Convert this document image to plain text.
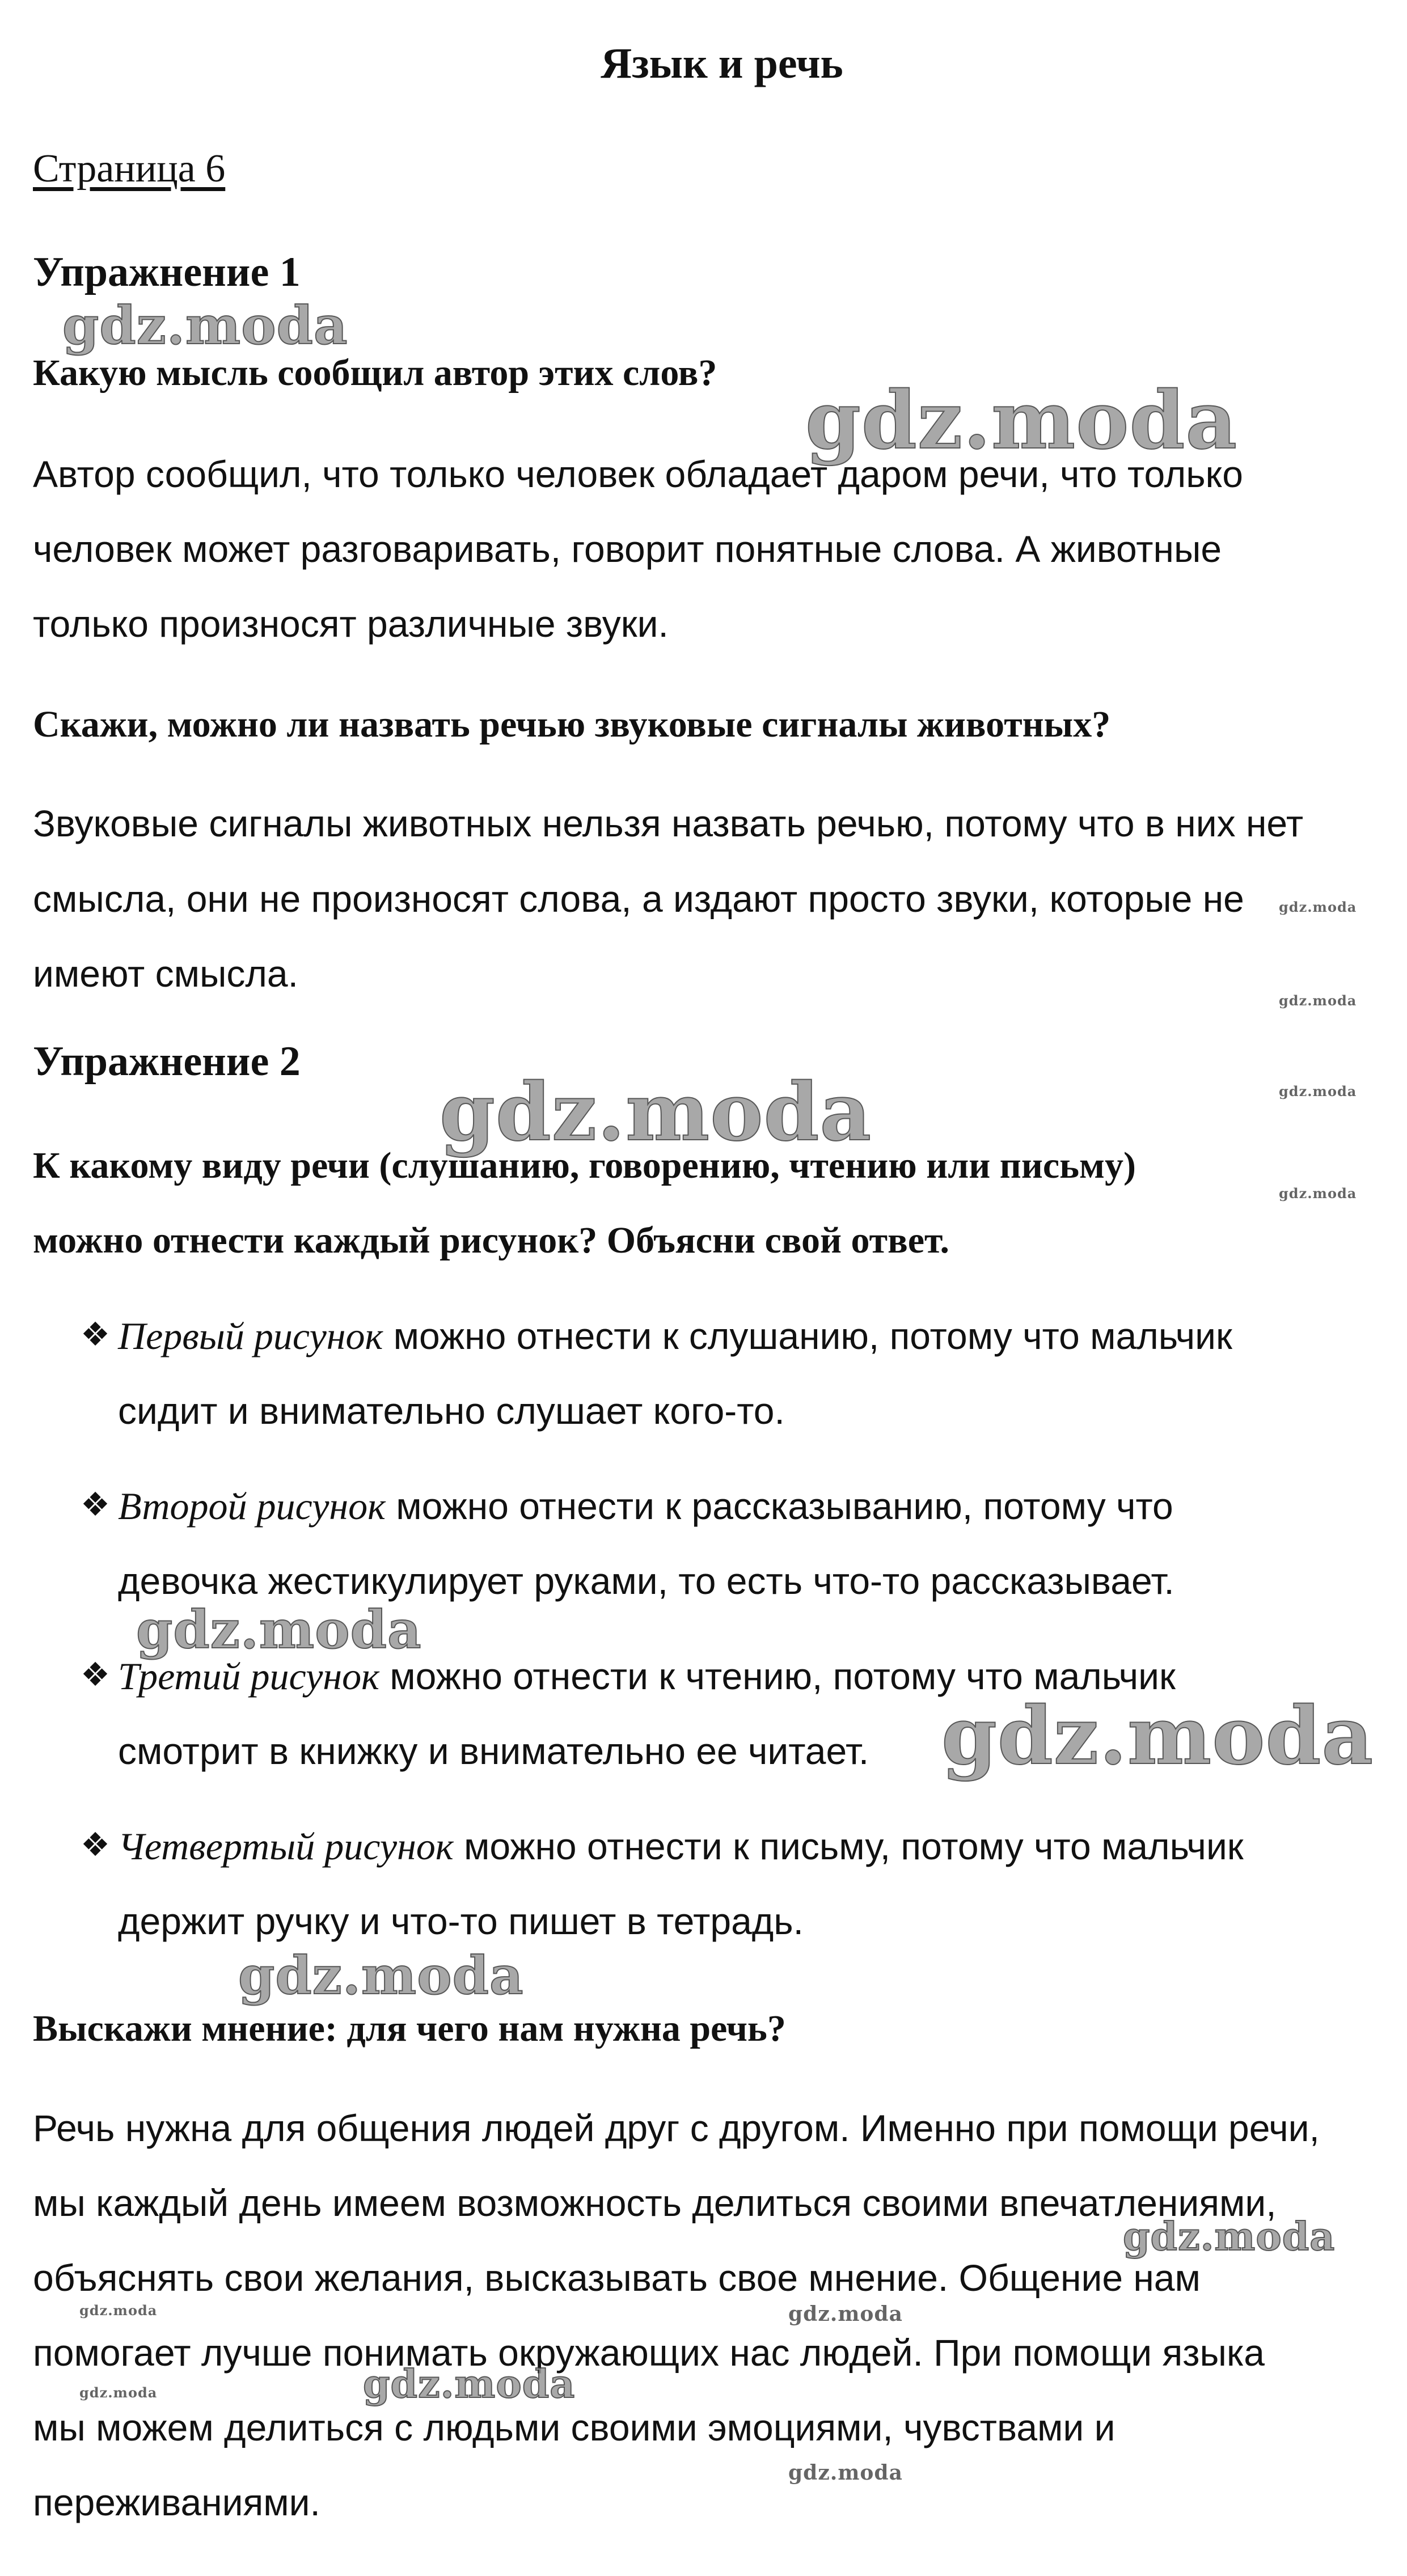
Язык и речь
Страница 6
Упражнение 1
Какую мысль сообщил автор этих слов?
Автор сообщил, что только человек обладает даром речи, что только
человек может разговаривать, говорит понятные слова. А животные
только произносят различные звуки.
Скажи, можно ли назвать речью звуковые сигналы животных?
Звуковые сигналы животных нельзя назвать речью, потому что в них нет
смысла, они не произносят слова, а издают просто звуки, которые не
имеют смысла.
Упражнение 2
К какому виду речи (слушанию, говорению, чтению или письму)
можно отнести каждый рисунок? Объясни свой ответ.
❖ Первый рисунок можно отнести к слушанию, потому что мальчик
сидит и внимательно слушает кого-то.
❖ Второй рисунок можно отнести к рассказыванию, потому что
девочка жестикулирует руками, то есть что-то рассказывает.
❖ Третий рисунок можно отнести к чтению, потому что мальчик
смотрит в книжку и внимательно ее читает.
❖ Четвертый рисунок можно отнести к письму, потому что мальчик
держит ручку и что-то пишет в тетрадь.
Выскажи мнение: для чего нам нужна речь?
Речь нужна для общения людей друг с другом. Именно при помощи речи,
мы каждый день имеем возможность делиться своими впечатлениями,
объяснять свои желания, высказывать свое мнение. Общение нам
помогает лучше понимать окружающих нас людей. При помощи языка
мы можем делиться с людьми своими эмоциями, чувствами и
переживаниями.
gdz.moda
gdz.moda
gdz.moda
gdz.moda
gdz.moda
gdz.moda
gdz.moda
gdz.moda
gdz.moda
gdz.moda
gdz.moda
gdz.moda
gdz.moda
gdz.moda
gdz.moda
gdz.moda
